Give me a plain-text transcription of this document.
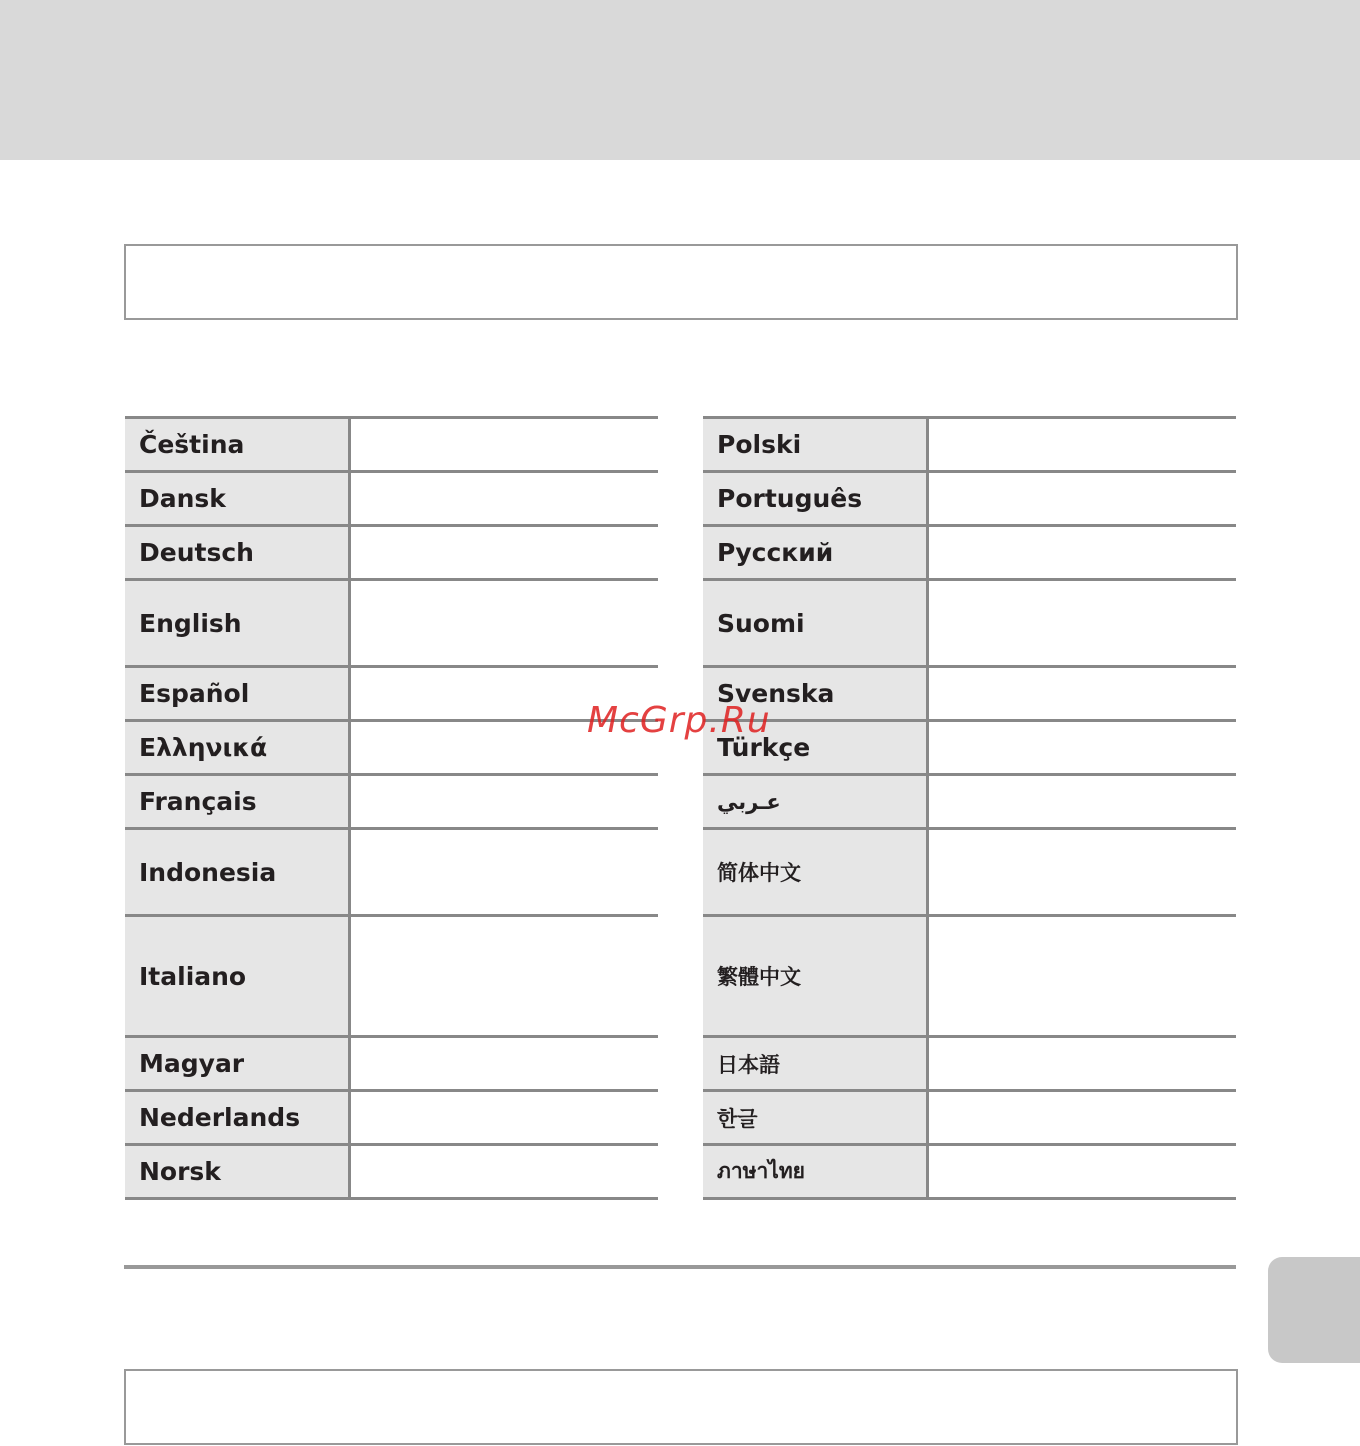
Čeština	
Dansk	
Deutsch	
English	
Español	
Ελληνικά	
Français	
Indonesia	
Italiano	
Magyar	
Nederlands	
Norsk	
Polski	
Português	
Русский	
Suomi	
Svenska	
Türkçe	
عـربي	
简体中文	
繁體中文	
日本語	
한글	
ภาษาไทย	
McGrp.Ru
